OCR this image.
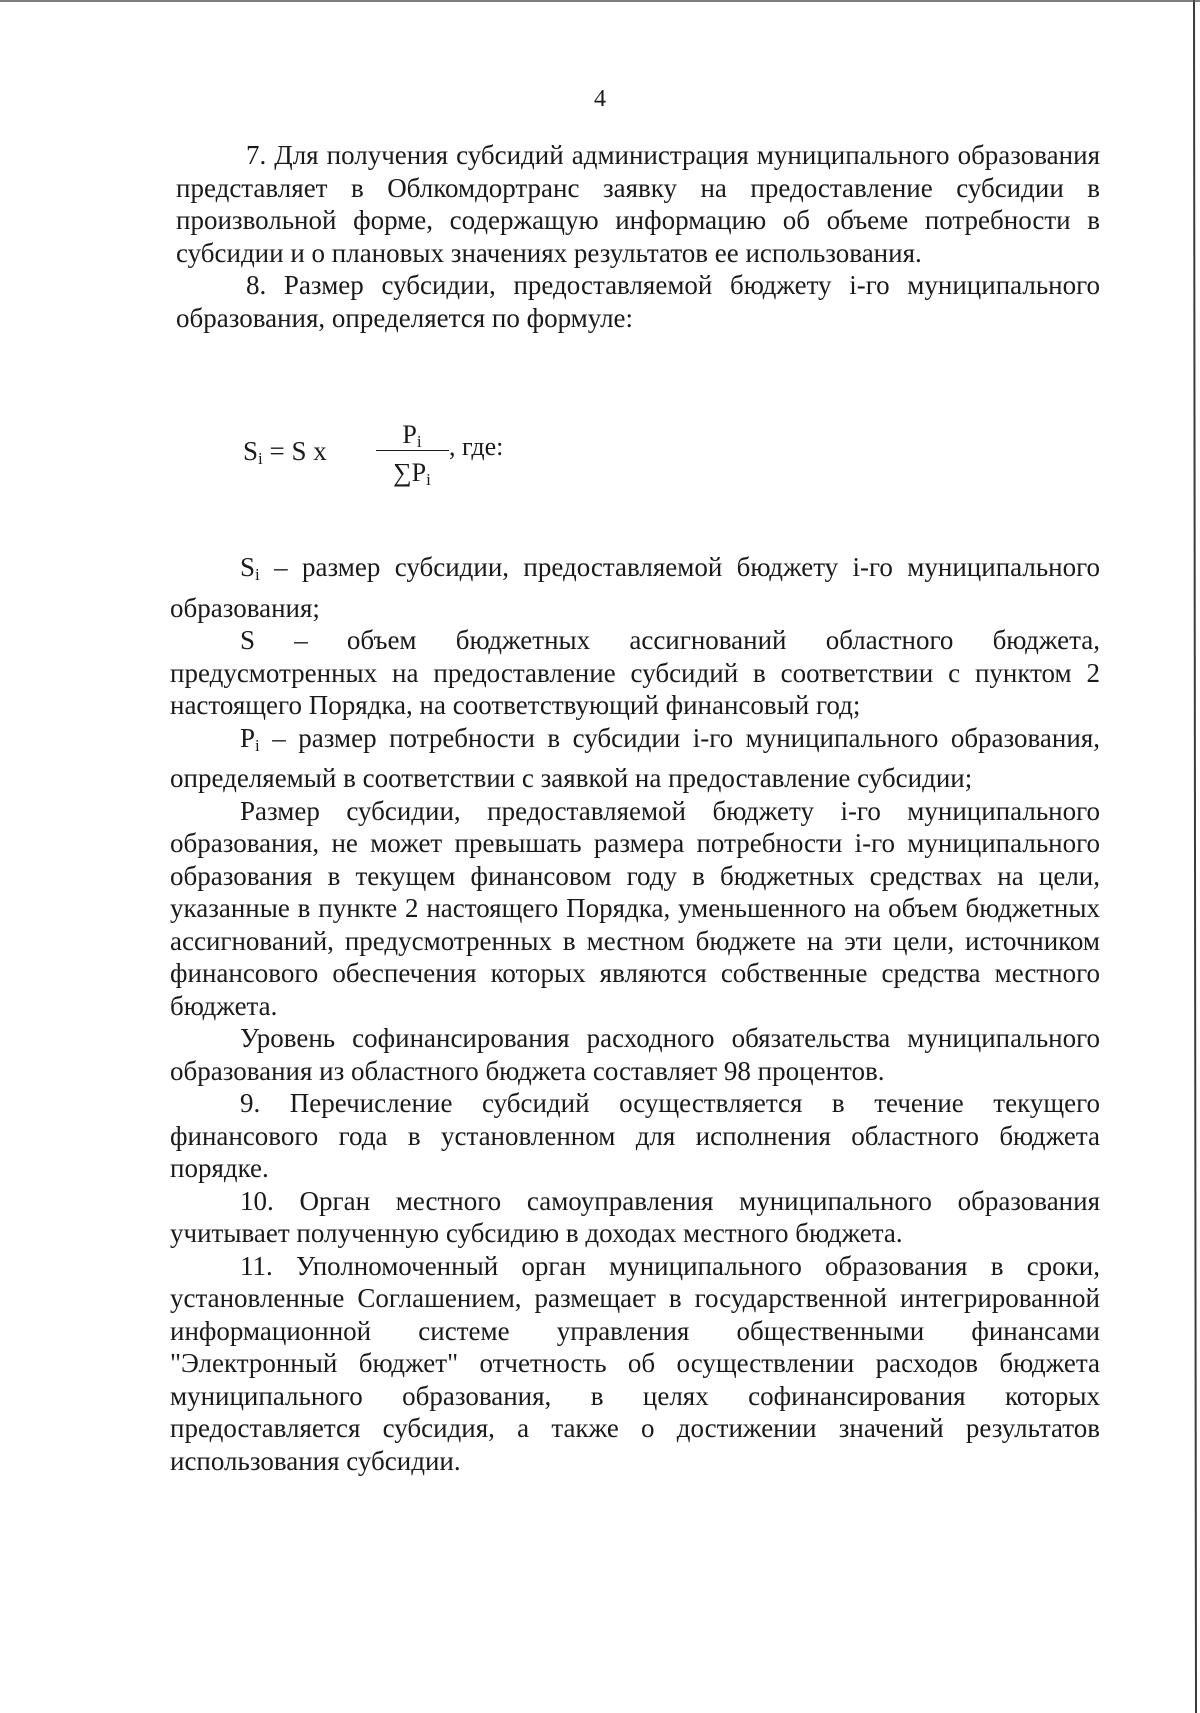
4

7. Для получения субсидий администрация муниципального образования представляет в Облкомдортранс заявку на предоставление субсидии в произвольной форме, содержащую информацию об объеме потребности в субсидии и о плановых значениях результатов ее использования.

8. Размер субсидии, предоставляемой бюджету i-го муниципального образования, определяется по формуле:

$S_i = S$ x
$P_i$
$\sum P_i$
, где:

$S_i$ – размер субсидии, предоставляемой бюджету i-го муниципального образования;

S – объем бюджетных ассигнований областного бюджета, предусмотренных на предоставление субсидий в соответствии с пунктом 2 настоящего Порядка, на соответствующий финансовый год;

$P_i$ – размер потребности в субсидии i-го муниципального образования, определяемый в соответствии с заявкой на предоставление субсидии;

Размер субсидии, предоставляемой бюджету i-го муниципального образования, не может превышать размера потребности i-го муниципального образования в текущем финансовом году в бюджетных средствах на цели, указанные в пункте 2 настоящего Порядка, уменьшенного на объем бюджетных ассигнований, предусмотренных в местном бюджете на эти цели, источником финансового обеспечения которых являются собственные средства местного бюджета.

Уровень софинансирования расходного обязательства муниципального образования из областного бюджета составляет 98 процентов.

9. Перечисление субсидий осуществляется в течение текущего финансового года в установленном для исполнения областного бюджета порядке.

10. Орган местного самоуправления муниципального образования учитывает полученную субсидию в доходах местного бюджета.

11. Уполномоченный орган муниципального образования в сроки, установленные Соглашением, размещает в государственной интегрированной информационной системе управления общественными финансами "Электронный бюджет" отчетность об осуществлении расходов бюджета муниципального образования, в целях софинансирования которых предоставляется субсидия, а также о достижении значений результатов использования субсидии.
